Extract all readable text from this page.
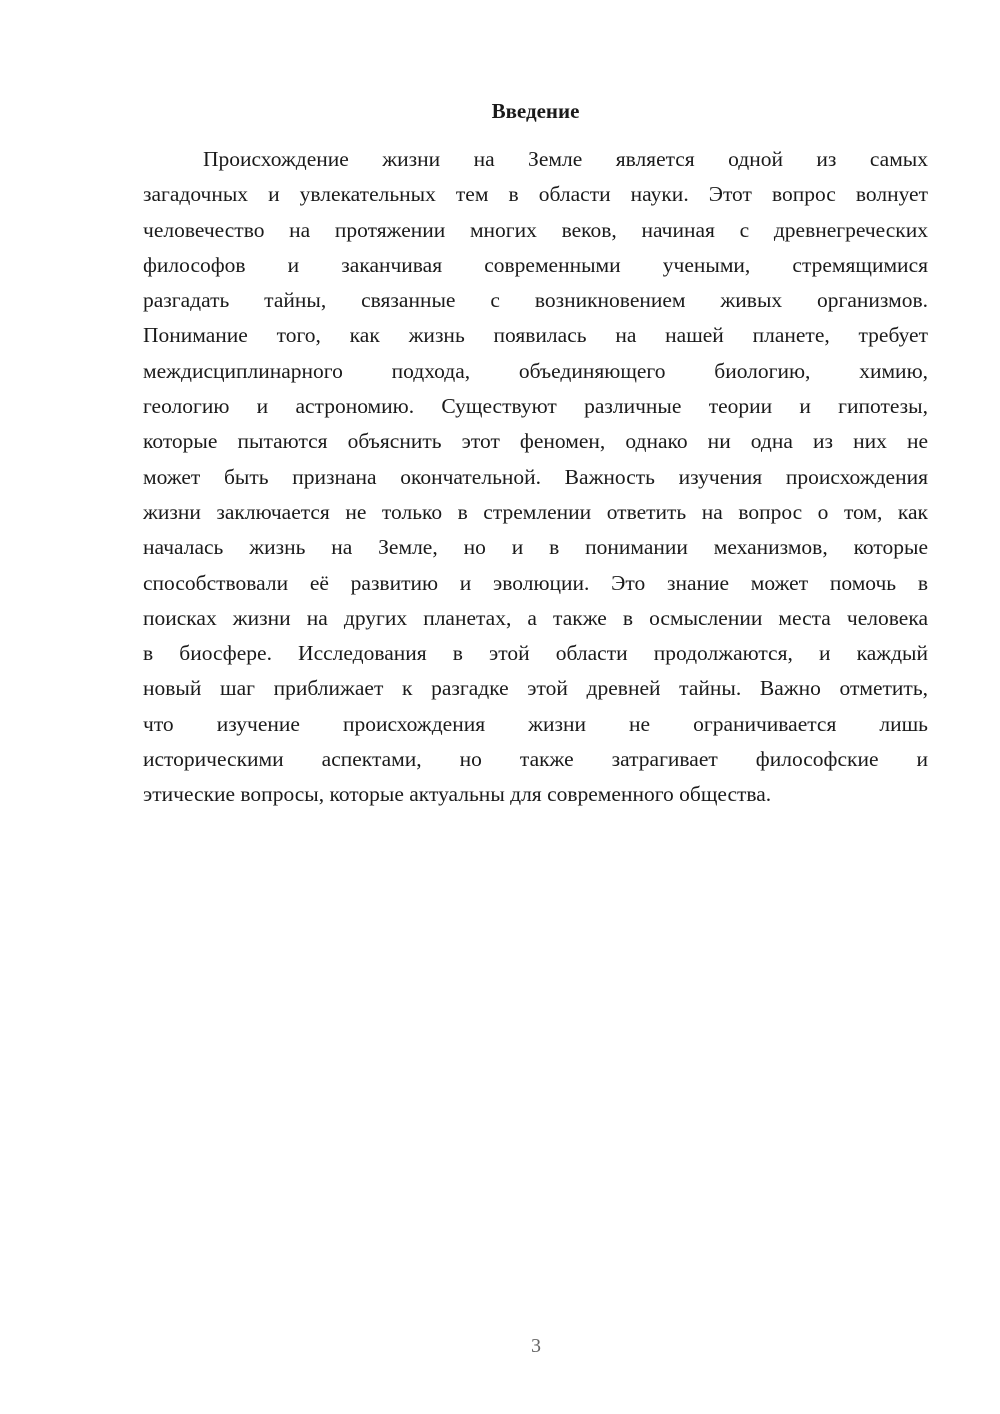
Введение
Происхождение жизни на Земле является одной из самых
загадочных и увлекательных тем в области науки. Этот вопрос волнует
человечество на протяжении многих веков, начиная с древнегреческих
философов и заканчивая современными учеными, стремящимися
разгадать тайны, связанные с возникновением живых организмов.
Понимание того, как жизнь появилась на нашей планете, требует
междисциплинарного подхода, объединяющего биологию, химию,
геологию и астрономию. Существуют различные теории и гипотезы,
которые пытаются объяснить этот феномен, однако ни одна из них не
может быть признана окончательной. Важность изучения происхождения
жизни заключается не только в стремлении ответить на вопрос о том, как
началась жизнь на Земле, но и в понимании механизмов, которые
способствовали её развитию и эволюции. Это знание может помочь в
поисках жизни на других планетах, а также в осмыслении места человека
в биосфере. Исследования в этой области продолжаются, и каждый
новый шаг приближает к разгадке этой древней тайны. Важно отметить,
что изучение происхождения жизни не ограничивается лишь
историческими аспектами, но также затрагивает философские и
этические вопросы, которые актуальны для современного общества.
3
